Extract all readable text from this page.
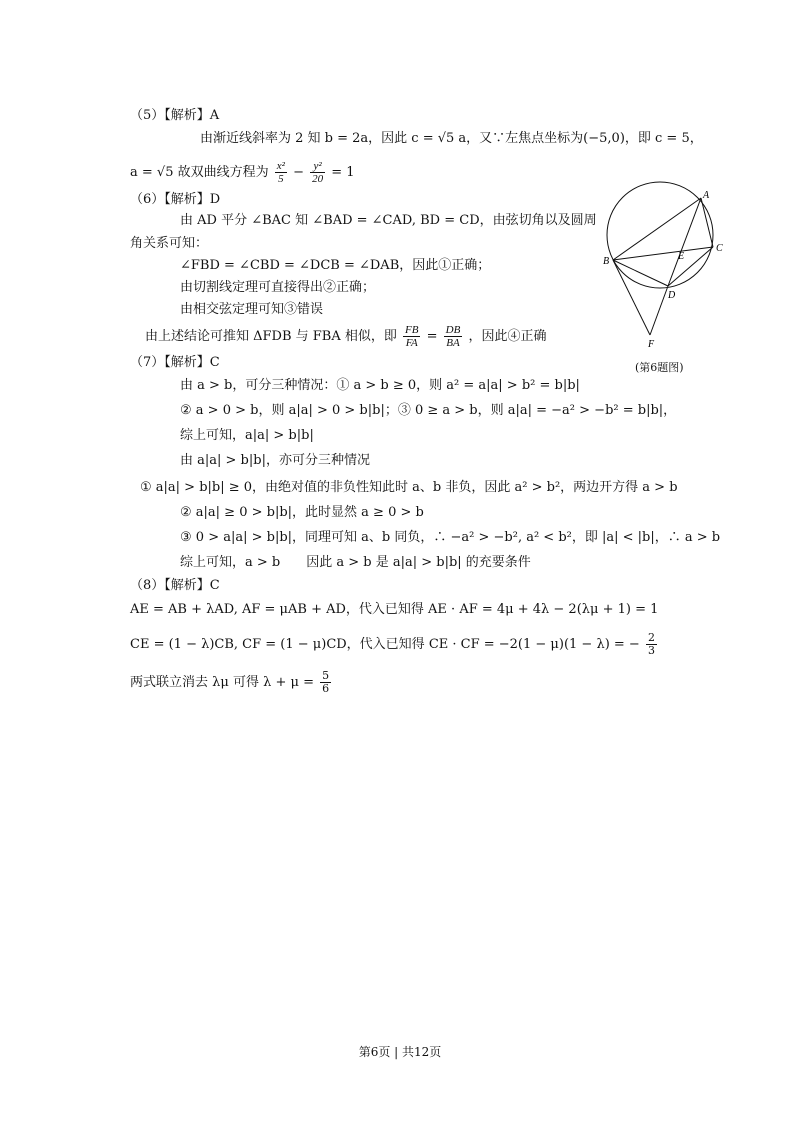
（5）【解析】A
由渐近线斜率为 2 知 b = 2a，因此 c = √5 a，又∵左焦点坐标为(−5,0)，即 c = 5，
a = √5 故双曲线方程为 $\frac{\text{x²}}{5} - \frac{\text{y²}}{20} = 1$
（6）【解析】D
由 AD 平分 ∠BAC 知 ∠BAD = ∠CAD, BD = CD，由弦切角以及圆周
角关系可知：
∠FBD = ∠CBD = ∠DCB = ∠DAB，因此①正确；
由切割线定理可直接得出②正确；
由相交弦定理可知③错误
由上述结论可推知 ΔFDB 与 FBA 相似，即 $\frac{FB}{FA} = \frac{DB}{BA}$ ，因此④正确
A
B
C
D
E
F
(第6题图)
（7）【解析】C
由 a > b，可分三种情况：① a > b ≥ 0，则 a² = a|a| > b² = b|b|
② a > 0 > b，则 a|a| > 0 > b|b|；③ 0 ≥ a > b，则 a|a| = −a² > −b² = b|b|，
综上可知，a|a| > b|b|
由 a|a| > b|b|，亦可分三种情况
① a|a| > b|b| ≥ 0，由绝对值的非负性知此时 a、b 非负，因此 a² > b²，两边开方得 a > b
② a|a| ≥ 0 > b|b|，此时显然 a ≥ 0 > b
③ 0 > a|a| > b|b|，同理可知 a、b 同负，∴ −a² > −b², a² < b²，即 |a| < |b|，∴ a > b
综上可知，a > b　　因此 a > b 是 a|a| > b|b| 的充要条件
（8）【解析】C
AE = AB + λAD, AF = μAB + AD，代入已知得 AE · AF = 4μ + 4λ − 2(λμ + 1) = 1
CE = (1 − λ)CB, CF = (1 − μ)CD，代入已知得 CE · CF = −2(1 − μ)(1 − λ) = − $\frac{2}{3}$
两式联立消去 λμ 可得 $\lambda + \mu = \frac{5}{6}$
第6页 | 共12页
